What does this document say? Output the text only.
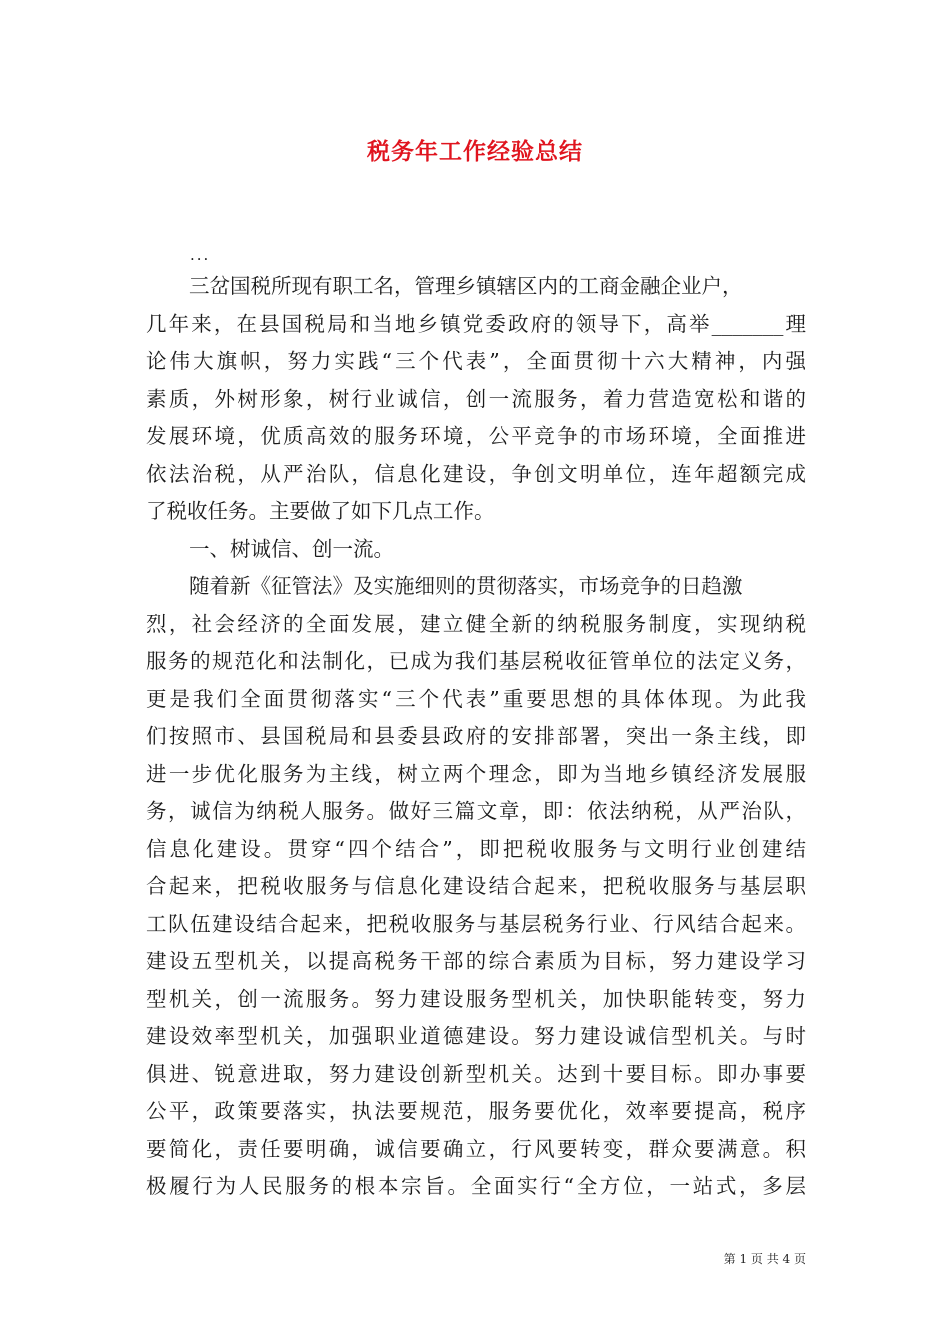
税务年工作经验总结
...
三岔国税所现有职工名，管理乡镇辖区内的工商金融企业户，
几年来，在县国税局和当地乡镇党委政府的领导下，高举_______理
论伟大旗帜，努力实践“三个代表”，全面贯彻十六大精神，内强
素质，外树形象，树行业诚信，创一流服务，着力营造宽松和谐的
发展环境，优质高效的服务环境，公平竞争的市场环境，全面推进
依法治税，从严治队，信息化建设，争创文明单位，连年超额完成
了税收任务。主要做了如下几点工作。
一、树诚信、创一流。
随着新《征管法》及实施细则的贯彻落实，市场竞争的日趋激
烈，社会经济的全面发展，建立健全新的纳税服务制度，实现纳税
服务的规范化和法制化，已成为我们基层税收征管单位的法定义务，
更是我们全面贯彻落实“三个代表”重要思想的具体体现。为此我
们按照市、县国税局和县委县政府的安排部署，突出一条主线，即
进一步优化服务为主线，树立两个理念，即为当地乡镇经济发展服
务，诚信为纳税人服务。做好三篇文章，即：依法纳税，从严治队，
信息化建设。贯穿“四个结合”，即把税收服务与文明行业创建结
合起来，把税收服务与信息化建设结合起来，把税收服务与基层职
工队伍建设结合起来，把税收服务与基层税务行业、行风结合起来。
建设五型机关，以提高税务干部的综合素质为目标，努力建设学习
型机关，创一流服务。努力建设服务型机关，加快职能转变，努力
建设效率型机关，加强职业道德建设。努力建设诚信型机关。与时
俱进、锐意进取，努力建设创新型机关。达到十要目标。即办事要
公平，政策要落实，执法要规范，服务要优化，效率要提高，税序
要简化，责任要明确，诚信要确立，行风要转变，群众要满意。积
极履行为人民服务的根本宗旨。全面实行“全方位，一站式，多层
第 1 页 共 4 页
